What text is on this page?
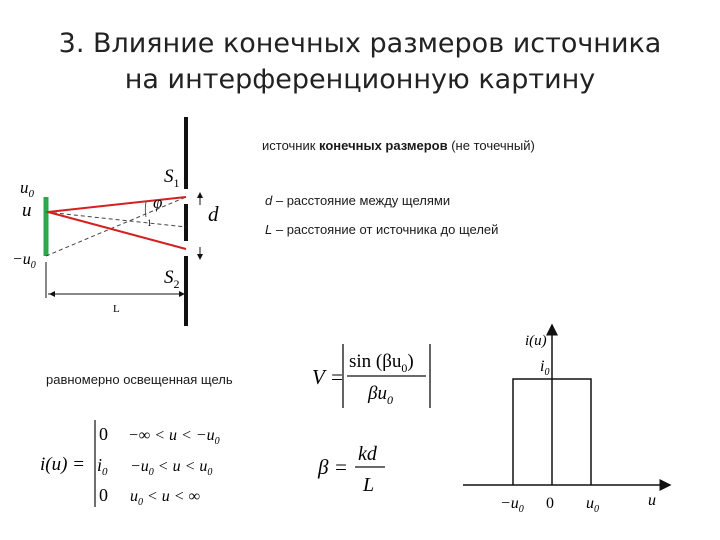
3. Влияние конечных размеров источника
на интерференционную картину
источник конечных размеров (не точечный)
d – расстояние между щелями
L – расстояние от источника до щелей
равномерно освещенная щель
$u_0$
u
$-u_0$
$S_1$
$S_2$
φ
1	d
L
i(u) =
0 −∞ < $u < -u_0$
$i_0 -u_0 < u < u_0$
0 $u_0 < u$ < ∞
V =
$\sin (\beta u_0)$
$\beta u_0$
β =
kd
L
i(u)
$i_0$
u
$-u_0$ 0 $u_0$
